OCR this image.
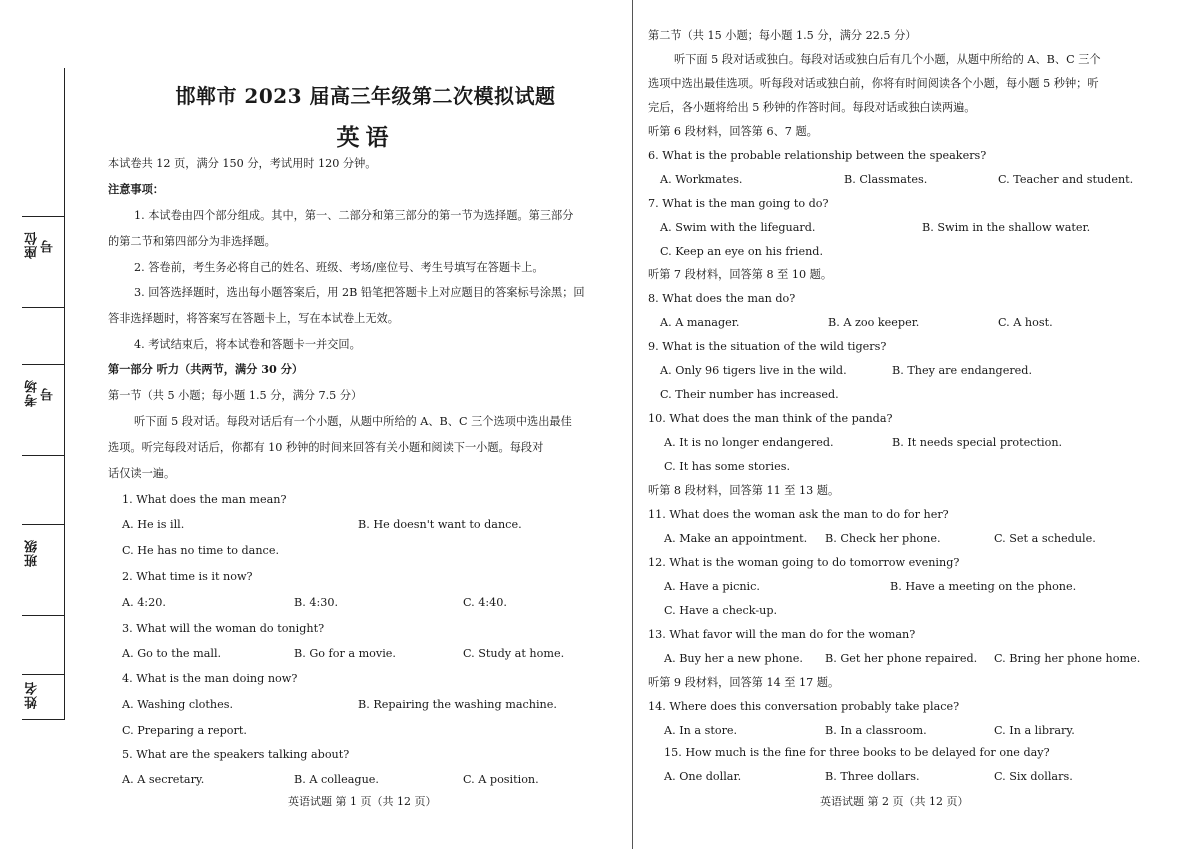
座位 号
考场 号
班级
姓名
邯郸市 2023 届高三年级第二次模拟试题
英语
本试卷共 12 页，满分 150 分，考试用时 120 分钟。
注意事项：
1. 本试卷由四个部分组成。其中，第一、二部分和第三部分的第一节为选择题。第三部分
的第二节和第四部分为非选择题。
2. 答卷前，考生务必将自己的姓名、班级、考场/座位号、考生号填写在答题卡上。
3. 回答选择题时，选出每小题答案后，用 2B 铅笔把答题卡上对应题目的答案标号涂黑；回
答非选择题时，将答案写在答题卡上，写在本试卷上无效。
4. 考试结束后，将本试卷和答题卡一并交回。
第一部分 听力（共两节，满分 30 分）
第一节（共 5 小题；每小题 1.5 分，满分 7.5 分）
听下面 5 段对话。每段对话后有一个小题，从题中所给的 A、B、C 三个选项中选出最佳
选项。听完每段对话后，你都有 10 秒钟的时间来回答有关小题和阅读下一小题。每段对
话仅读一遍。
1. What does the man mean?
A. He is ill.	B. He doesn't want to dance.
C. He has no time to dance.
2. What time is it now?
A. 4:20.	B. 4:30.	C. 4:40.
3. What will the woman do tonight?
A. Go to the mall.	B. Go for a movie.	C. Study at home.
4. What is the man doing now?
A. Washing clothes.	B. Repairing the washing machine.
C. Preparing a report.
5. What are the speakers talking about?
A. A secretary.	B. A colleague.	C. A position.
英语试题 第 1 页（共 12 页）
第二节（共 15 小题；每小题 1.5 分，满分 22.5 分）
听下面 5 段对话或独白。每段对话或独白后有几个小题，从题中所给的 A、B、C 三个
选项中选出最佳选项。听每段对话或独白前，你将有时间阅读各个小题，每小题 5 秒钟；听
完后，各小题将给出 5 秒钟的作答时间。每段对话或独白读两遍。
听第 6 段材料，回答第 6、7 题。
6. What is the probable relationship between the speakers?
A. Workmates.	B. Classmates.	C. Teacher and student.
7. What is the man going to do?
A. Swim with the lifeguard.	B. Swim in the shallow water.
C. Keep an eye on his friend.
听第 7 段材料，回答第 8 至 10 题。
8. What does the man do?
A. A manager.	B. A zoo keeper.	C. A host.
9. What is the situation of the wild tigers?
A. Only 96 tigers live in the wild.	B. They are endangered.
C. Their number has increased.
10. What does the man think of the panda?
A. It is no longer endangered.	B. It needs special protection.
C. It has some stories.
听第 8 段材料，回答第 11 至 13 题。
11. What does the woman ask the man to do for her?
A. Make an appointment. B. Check her phone.	C. Set a schedule.
12. What is the woman going to do tomorrow evening?
A. Have a picnic.	B. Have a meeting on the phone.
C. Have a check-up.
13. What favor will the man do for the woman?
A. Buy her a new phone. B. Get her phone repaired. C. Bring her phone home.
听第 9 段材料，回答第 14 至 17 题。
14. Where does this conversation probably take place?
A. In a store.	B. In a classroom.	C. In a library.
15. How much is the fine for three books to be delayed for one day?
A. One dollar.	B. Three dollars.	C. Six dollars.
英语试题 第 2 页（共 12 页）
